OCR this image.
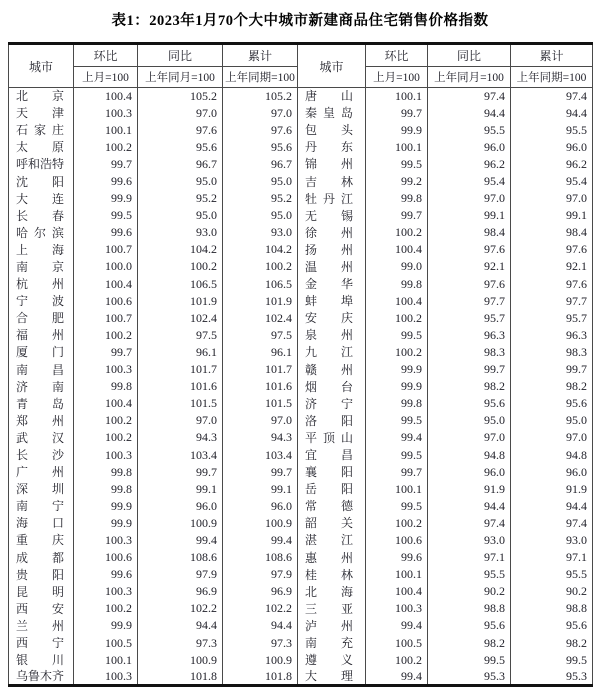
表1：2023年1月70个大中城市新建商品住宅销售价格指数
城市	环比	同比	累计	城市	环比	同比	累计
	上月=100	上年同月=100	上年同期=100		上月=100	上年同月=100	上年同期=100

北 京	100.4	105.2	105.2	唐 山	100.1	97.4	97.4

天 津	100.3	97.0	97.0	秦 皇 岛	99.7	94.4	94.4

石 家 庄	100.1	97.6	97.6	包 头	99.9	95.5	95.5

太 原	100.2	95.6	95.6	丹 东	100.1	96.0	96.0

呼 和 浩 特	99.7	96.7	96.7	锦 州	99.5	96.2	96.2

沈 阳	99.6	95.0	95.0	吉 林	99.2	95.4	95.4

大 连	99.9	95.2	95.2	牡 丹 江	99.8	97.0	97.0

长 春	99.5	95.0	95.0	无 锡	99.7	99.1	99.1

哈 尔 滨	99.6	93.0	93.0	徐 州	100.2	98.4	98.4

上 海	100.7	104.2	104.2	扬 州	100.4	97.6	97.6

南 京	100.0	100.2	100.2	温 州	99.0	92.1	92.1

杭 州	100.4	106.5	106.5	金 华	99.8	97.6	97.6

宁 波	100.6	101.9	101.9	蚌 埠	100.4	97.7	97.7

合 肥	100.7	102.4	102.4	安 庆	100.2	95.7	95.7

福 州	100.2	97.5	97.5	泉 州	99.5	96.3	96.3

厦 门	99.7	96.1	96.1	九 江	100.2	98.3	98.3

南 昌	100.3	101.7	101.7	赣 州	99.9	99.7	99.7

济 南	99.8	101.6	101.6	烟 台	99.9	98.2	98.2

青 岛	100.4	101.5	101.5	济 宁	99.8	95.6	95.6

郑 州	100.2	97.0	97.0	洛 阳	99.5	95.0	95.0

武 汉	100.2	94.3	94.3	平 顶 山	99.4	97.0	97.0

长 沙	100.3	103.4	103.4	宜 昌	99.5	94.8	94.8

广 州	99.8	99.7	99.7	襄 阳	99.7	96.0	96.0

深 圳	99.8	99.1	99.1	岳 阳	100.1	91.9	91.9

南 宁	99.9	96.0	96.0	常 德	99.5	94.4	94.4

海 口	99.9	100.9	100.9	韶 关	100.2	97.4	97.4

重 庆	100.3	99.4	99.4	湛 江	100.6	93.0	93.0

成 都	100.6	108.6	108.6	惠 州	99.6	97.1	97.1

贵 阳	99.6	97.9	97.9	桂 林	100.1	95.5	95.5

昆 明	100.3	96.9	96.9	北 海	100.4	90.2	90.2

西 安	100.2	102.2	102.2	三 亚	100.3	98.8	98.8

兰 州	99.9	94.4	94.4	泸 州	99.4	95.6	95.6

西 宁	100.5	97.3	97.3	南 充	100.5	98.2	98.2

银 川	100.1	100.9	100.9	遵 义	100.2	99.5	99.5

乌 鲁 木 齐	100.3	101.8	101.8	大 理	99.4	95.3	95.3
